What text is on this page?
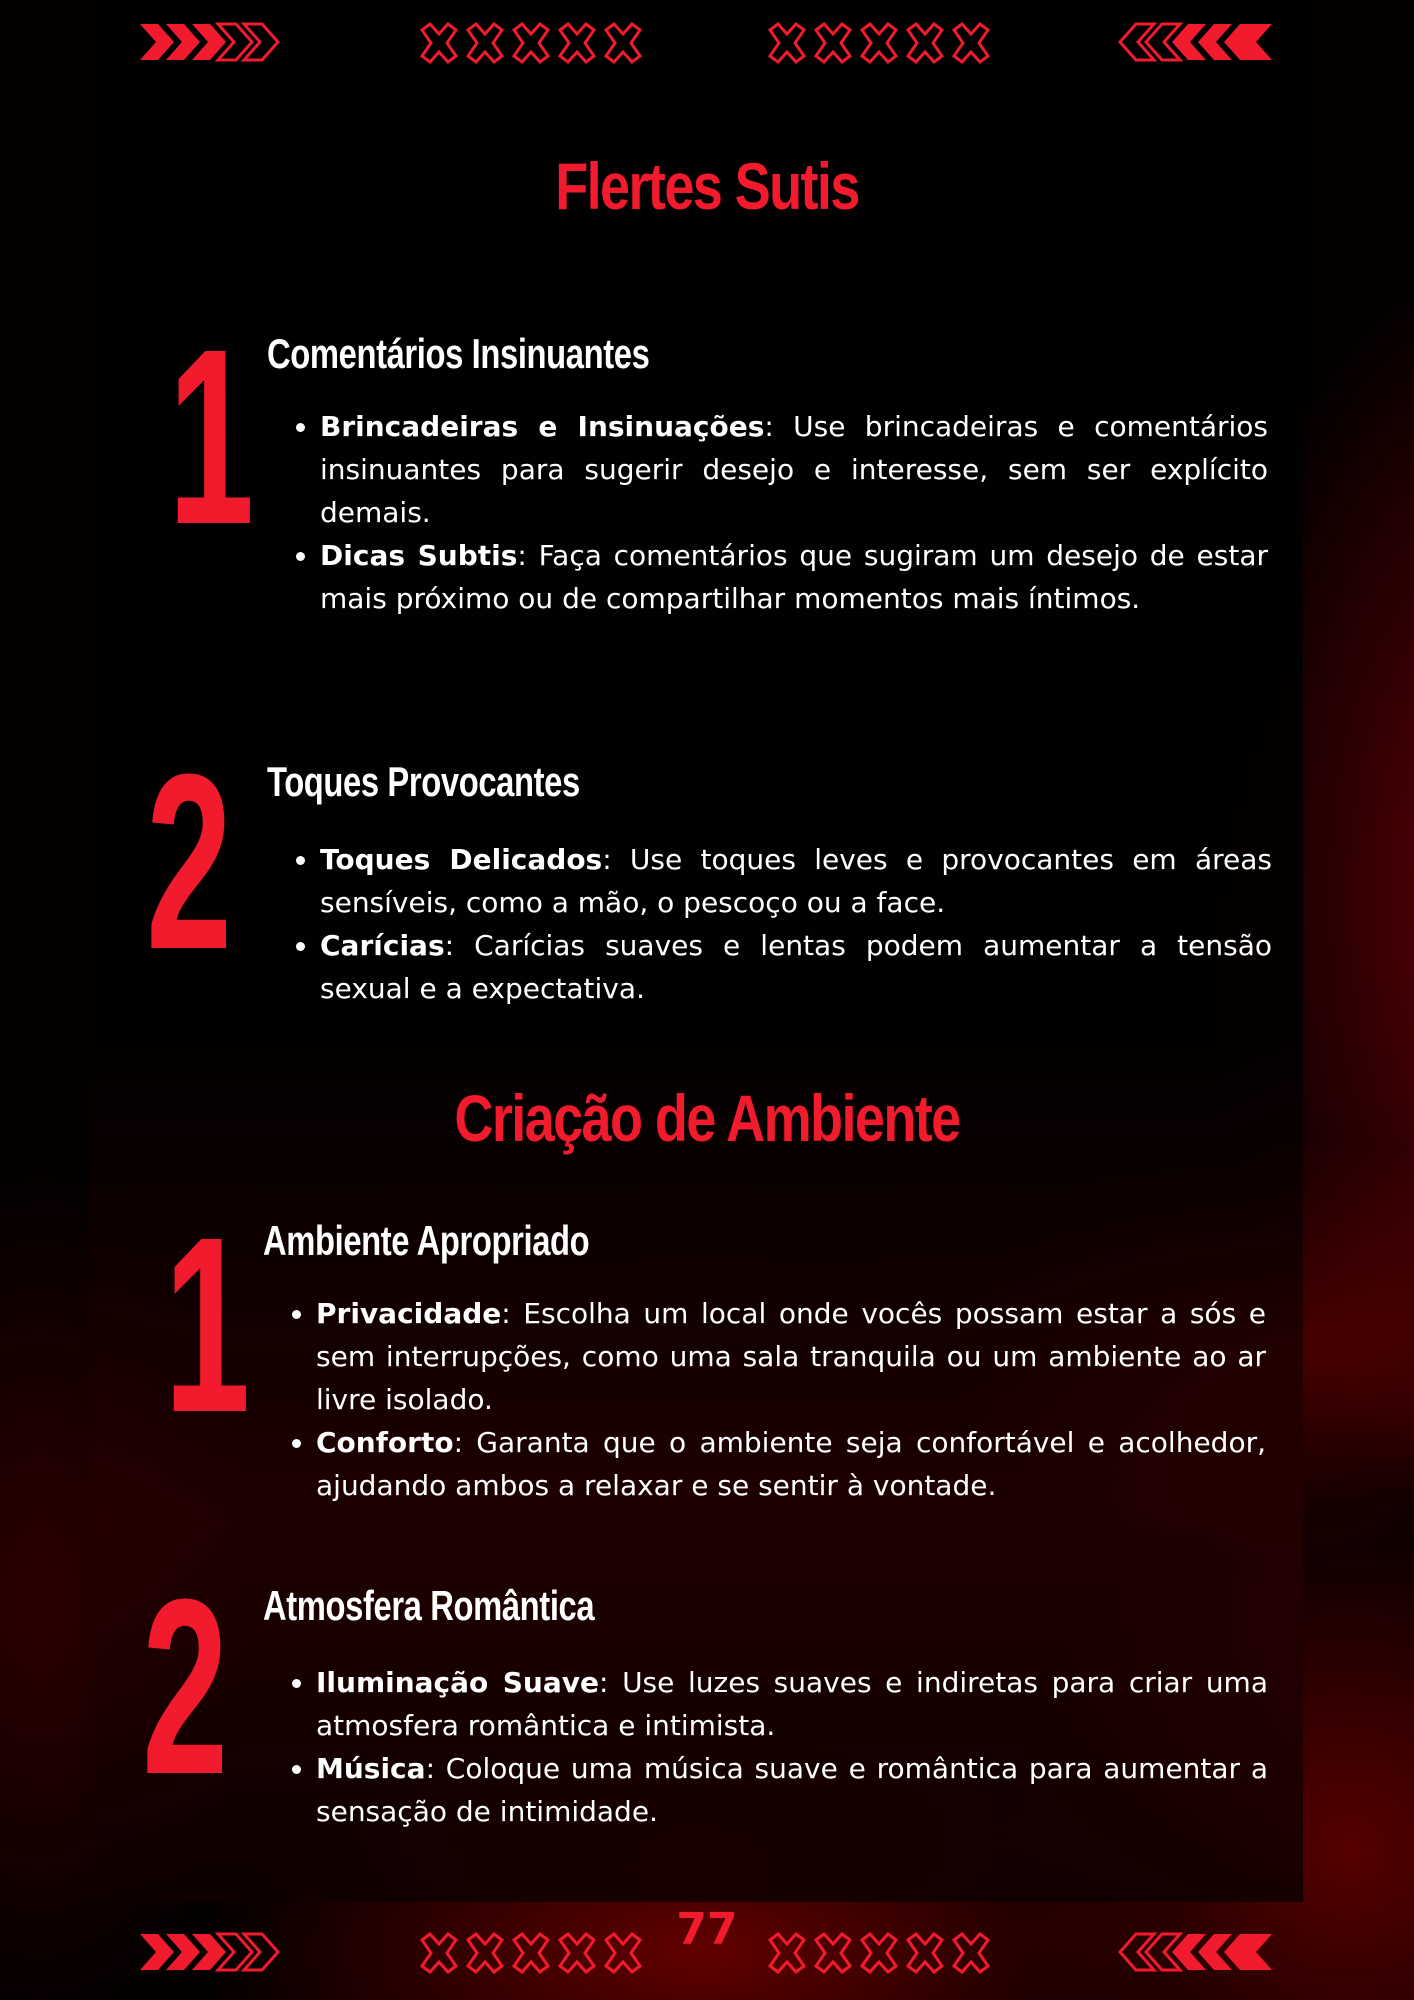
Flertes Sutis
1 Comentários Insinuantes
• Brincadeiras e Insinuações: Use brincadeiras e comentários insinuantes para sugerir desejo e interesse, sem ser explícito demais.
• Dicas Subtis: Faça comentários que sugiram um desejo de estar mais próximo ou de compartilhar momentos mais íntimos.
2 Toques Provocantes
• Toques Delicados: Use toques leves e provocantes em áreas sensíveis, como a mão, o pescoço ou a face.
• Carícias: Carícias suaves e lentas podem aumentar a tensão sexual e a expectativa.
Criação de Ambiente
1 Ambiente Apropriado
• Privacidade: Escolha um local onde vocês possam estar a sós e sem interrupções, como uma sala tranquila ou um ambiente ao ar livre isolado.
• Conforto: Garanta que o ambiente seja confortável e acolhedor, ajudando ambos a relaxar e se sentir à vontade.
2 Atmosfera Romântica
• Iluminação Suave: Use luzes suaves e indiretas para criar uma atmosfera romântica e intimista.
• Música: Coloque uma música suave e romântica para aumentar a sensação de intimidade.
77
